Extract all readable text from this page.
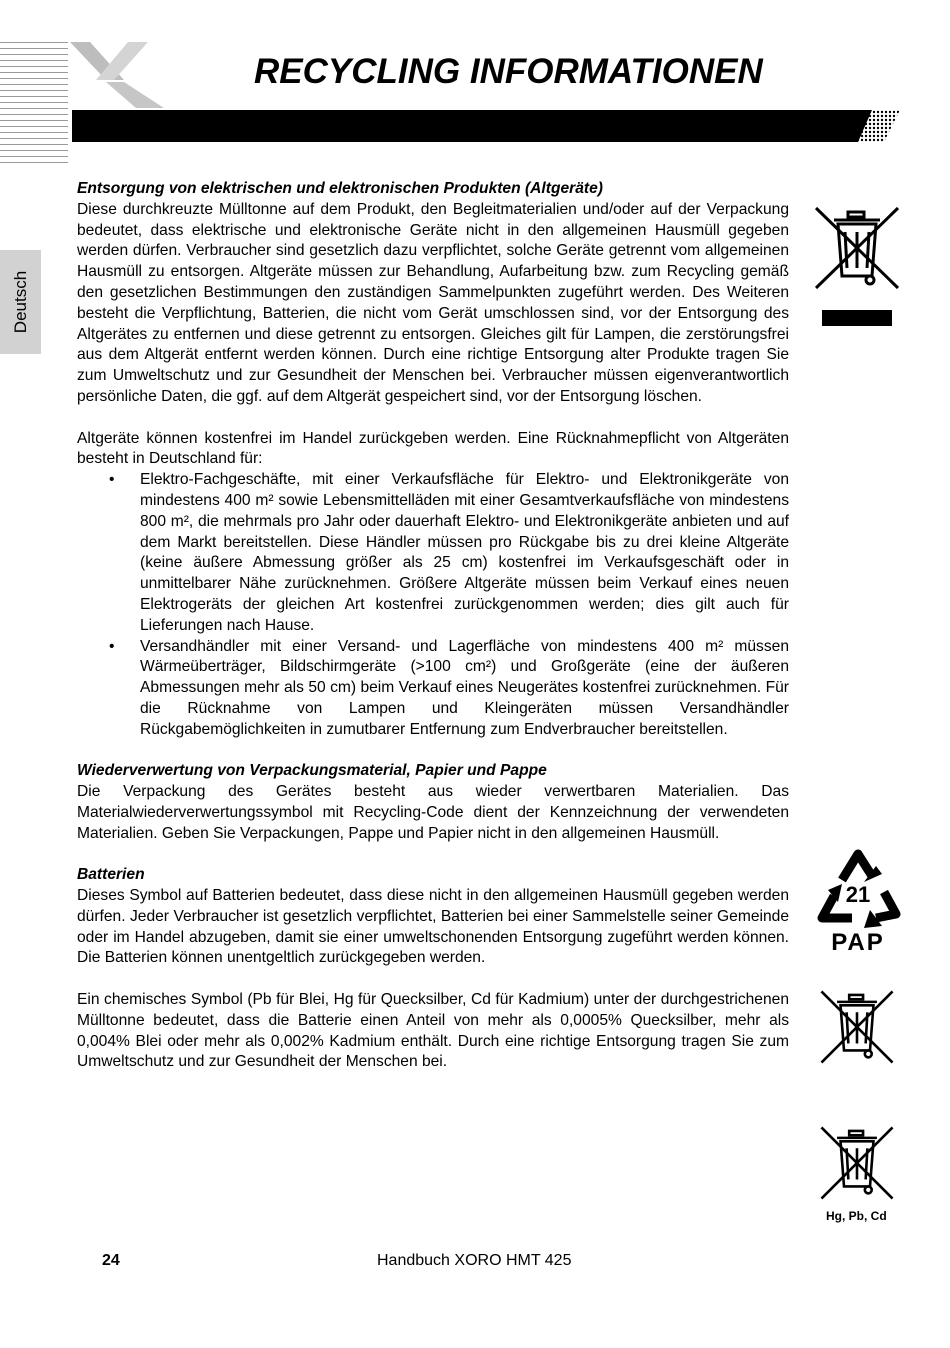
RECYCLING INFORMATIONEN
Deutsch
Entsorgung von elektrischen und elektronischen Produkten (Altgeräte)

Diese durchkreuzte Mülltonne auf dem Produkt, den Begleitmaterialien und/oder auf der Verpackung bedeutet, dass elektrische und elektronische Geräte nicht in den allgemeinen Hausmüll gegeben werden dürfen. Verbraucher sind gesetzlich dazu verpflichtet, solche Geräte getrennt vom allgemeinen Hausmüll zu entsorgen. Altgeräte müssen zur Behandlung, Aufarbeitung bzw. zum Recycling gemäß den gesetzlichen Bestimmungen den zuständigen Sammelpunkten zugeführt werden. Des Weiteren besteht die Verpflichtung, Batterien, die nicht vom Gerät umschlossen sind, vor der Entsorgung des Altgerätes zu entfernen und diese getrennt zu entsorgen. Gleiches gilt für Lampen, die zerstörungsfrei aus dem Altgerät entfernt werden können. Durch eine richtige Entsorgung alter Produkte tragen Sie zum Umweltschutz und zur Gesundheit der Menschen bei. Verbraucher müssen eigenverantwortlich persönliche Daten, die ggf. auf dem Altgerät gespeichert sind, vor der Entsorgung löschen.

Altgeräte können kostenfrei im Handel zurückgeben werden. Eine Rücknahmepflicht von Altgeräten besteht in Deutschland für:

• Elektro-Fachgeschäfte, mit einer Verkaufsfläche für Elektro- und Elektronikgeräte von mindestens 400 m² sowie Lebensmittelläden mit einer Gesamtverkaufsfläche von mindestens 800 m², die mehrmals pro Jahr oder dauerhaft Elektro- und Elektronikgeräte anbieten und auf dem Markt bereitstellen. Diese Händler müssen pro Rückgabe bis zu drei kleine Altgeräte (keine äußere Abmessung größer als 25 cm) kostenfrei im Verkaufsgeschäft oder in unmittelbarer Nähe zurücknehmen. Größere Altgeräte müssen beim Verkauf eines neuen Elektrogeräts der gleichen Art kostenfrei zurückgenommen werden; dies gilt auch für Lieferungen nach Hause.
• Versandhändler mit einer Versand- und Lagerfläche von mindestens 400 m² müssen Wärmeüberträger, Bildschirmgeräte (>100 cm²) und Großgeräte (eine der äußeren Abmessungen mehr als 50 cm) beim Verkauf eines Neugerätes kostenfrei zurücknehmen. Für die Rücknahme von Lampen und Kleingeräten müssen Versandhändler Rückgabemöglichkeiten in zumutbarer Entfernung zum Endverbraucher bereitstellen.
Wiederverwertung von Verpackungsmaterial, Papier und Pappe

Die Verpackung des Gerätes besteht aus wieder verwertbaren Materialien. Das Materialwiederverwertungssymbol mit Recycling-Code dient der Kennzeichnung der verwendeten Materialien. Geben Sie Verpackungen, Pappe und Papier nicht in den allgemeinen Hausmüll.

Batterien

Dieses Symbol auf Batterien bedeutet, dass diese nicht in den allgemeinen Hausmüll gegeben werden dürfen. Jeder Verbraucher ist gesetzlich verpflichtet, Batterien bei einer Sammelstelle seiner Gemeinde oder im Handel abzugeben, damit sie einer umweltschonenden Entsorgung zugeführt werden können. Die Batterien können unentgeltlich zurückgegeben werden.

Ein chemisches Symbol (Pb für Blei, Hg für Quecksilber, Cd für Kadmium) unter der durchgestrichenen Mülltonne bedeutet, dass die Batterie einen Anteil von mehr als 0,0005% Quecksilber, mehr als 0,004% Blei oder mehr als 0,002% Kadmium enthält. Durch eine richtige Entsorgung tragen Sie zum Umweltschutz und zur Gesundheit der Menschen bei.

21
PAP
Hg, Pb, Cd
24	Handbuch XORO HMT 425
